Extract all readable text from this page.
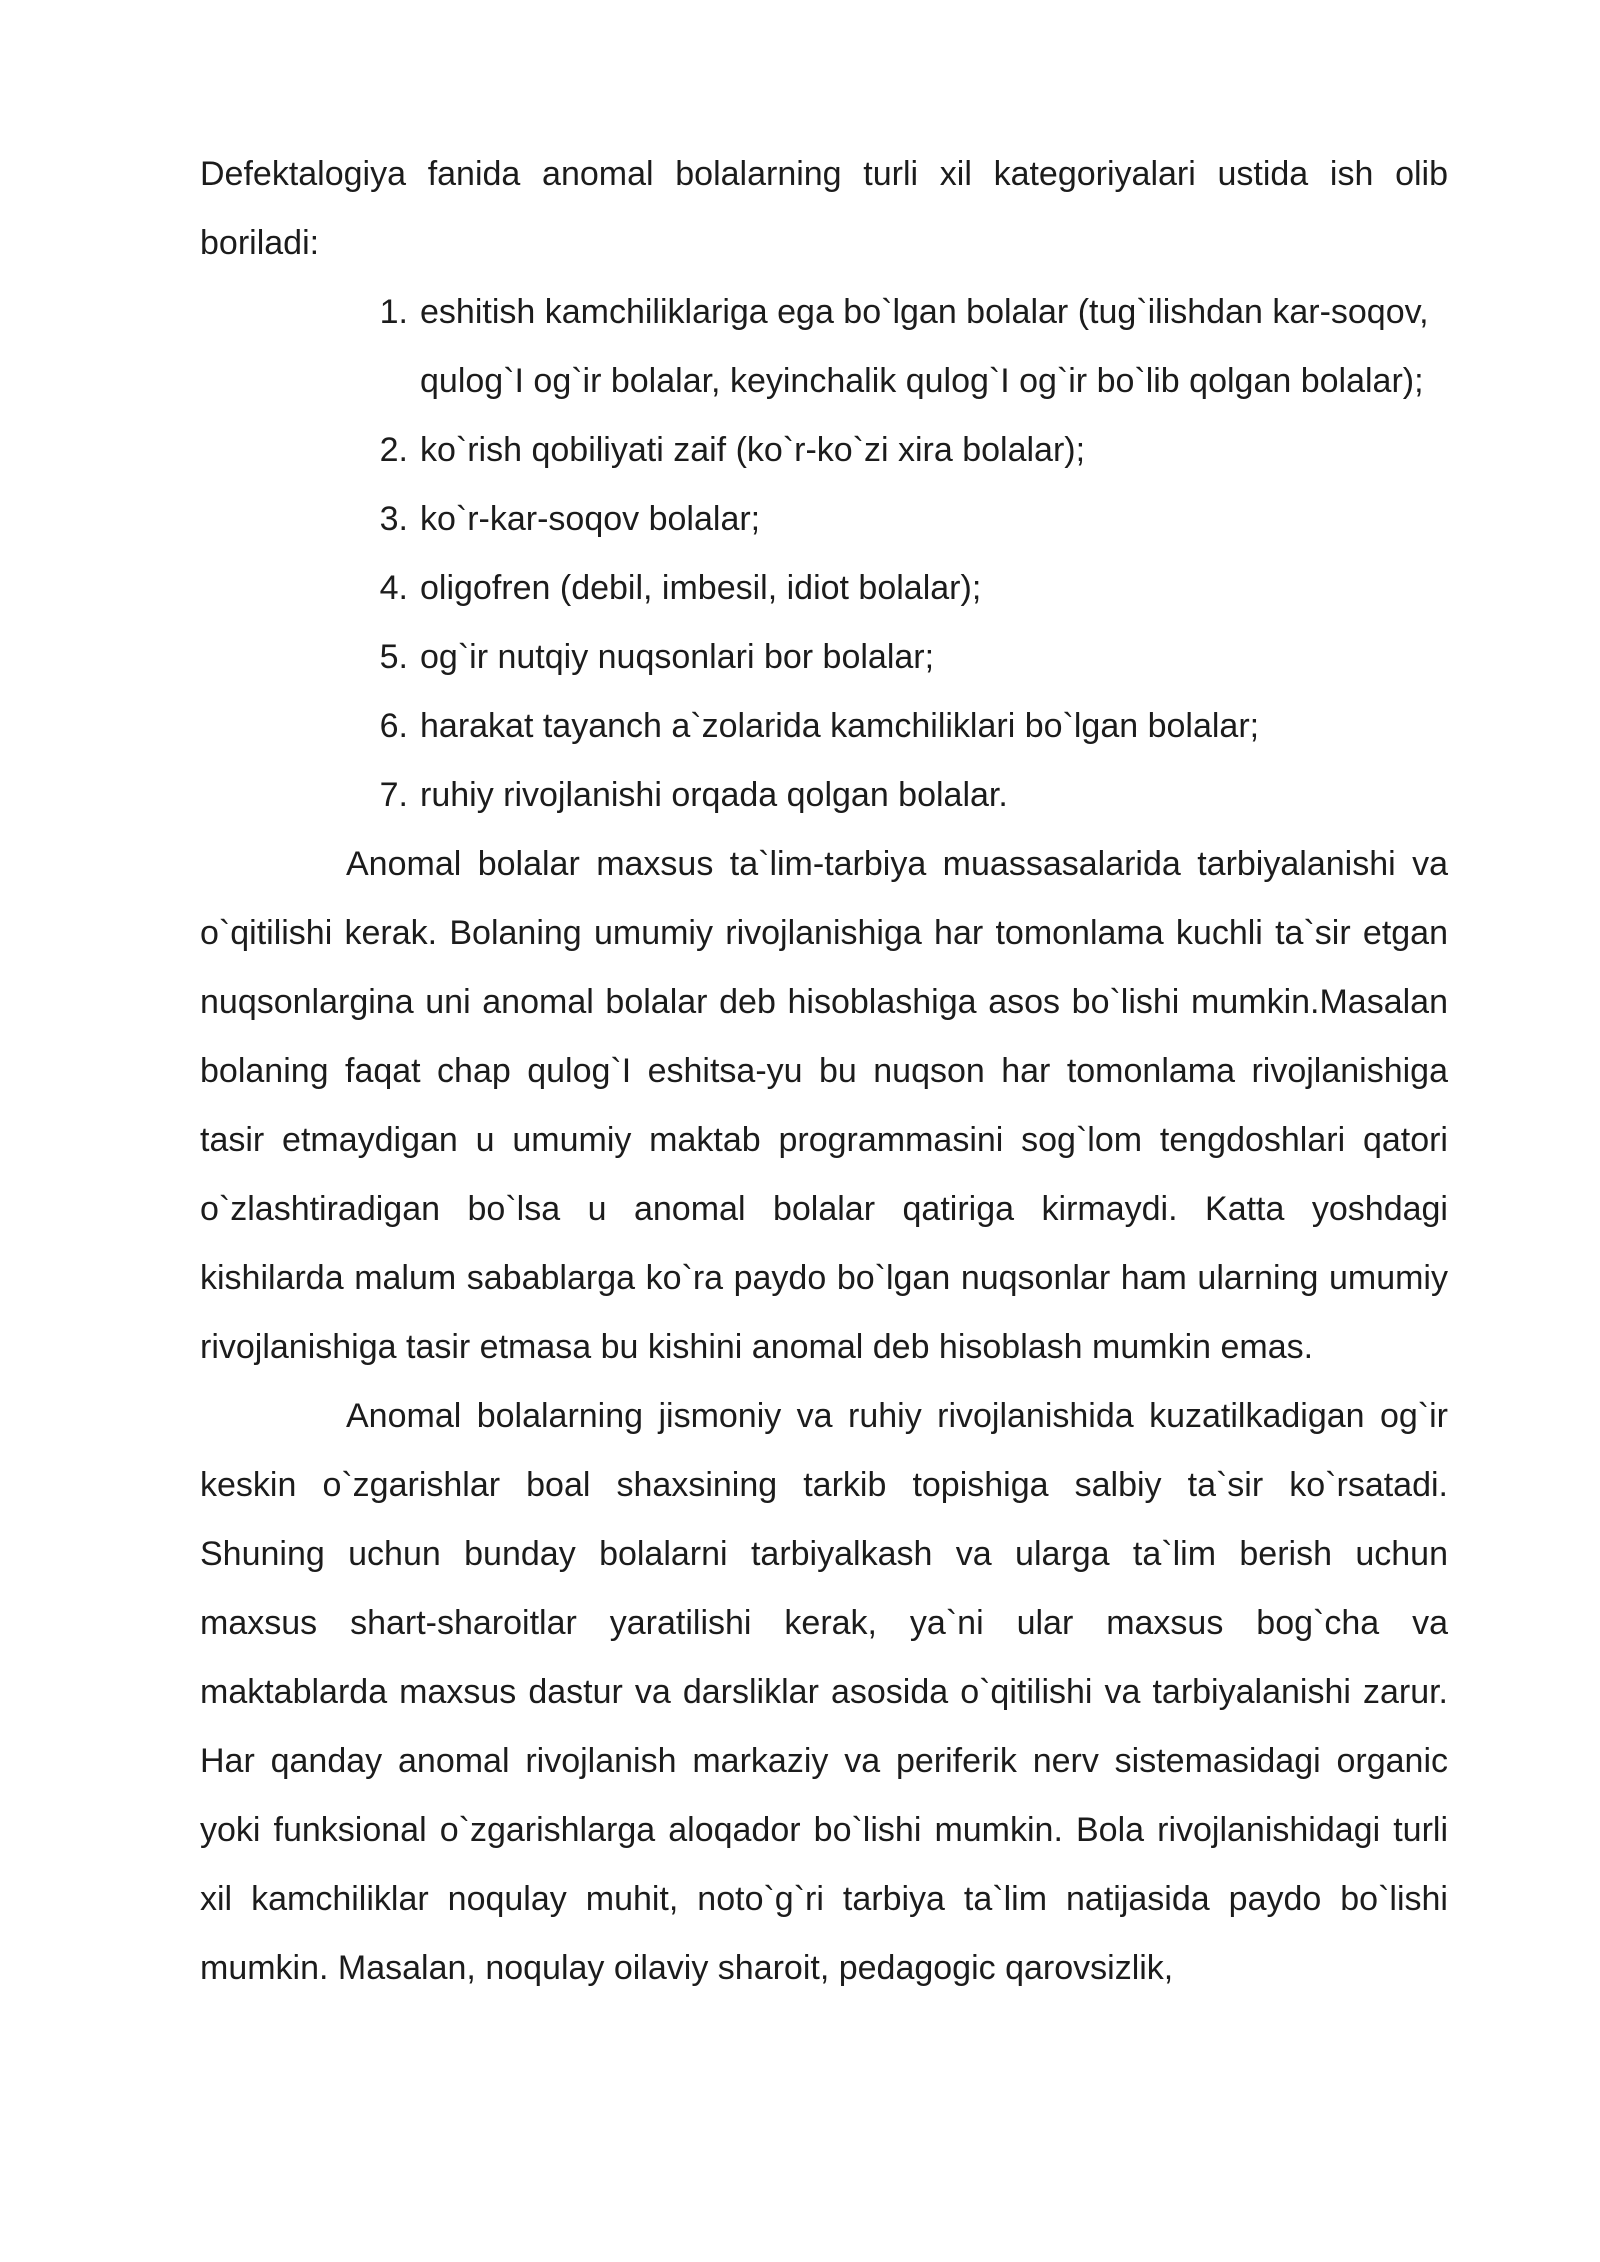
Defektalogiya fanida anomal bolalarning turli xil kategoriyalari ustida ish olib boriladi:

1. eshitish kamchiliklariga ega bo`lgan bolalar (tug`ilishdan kar-soqov, qulog`I og`ir bolalar, keyinchalik qulog`I og`ir bo`lib qolgan bolalar);
2. ko`rish qobiliyati zaif (ko`r-ko`zi xira bolalar);
3. ko`r-kar-soqov bolalar;
4. oligofren (debil, imbesil, idiot bolalar);
5. og`ir nutqiy nuqsonlari bor bolalar;
6. harakat tayanch a`zolarida kamchiliklari bo`lgan bolalar;
7. ruhiy rivojlanishi orqada qolgan bolalar.

Anomal bolalar maxsus ta`lim-tarbiya muassasalarida tarbiyalanishi va o`qitilishi kerak. Bolaning umumiy rivojlanishiga har tomonlama kuchli ta`sir etgan nuqsonlargina uni anomal bolalar deb hisoblashiga asos bo`lishi mumkin.Masalan bolaning faqat chap qulog`I eshitsa-yu bu nuqson har tomonlama rivojlanishiga tasir etmaydigan u umumiy maktab programmasini sog`lom tengdoshlari qatori o`zlashtiradigan bo`lsa u anomal bolalar qatiriga kirmaydi. Katta yoshdagi kishilarda malum sabablarga ko`ra paydo bo`lgan nuqsonlar ham ularning umumiy rivojlanishiga tasir etmasa bu kishini anomal deb hisoblash mumkin emas.

Anomal bolalarning jismoniy va ruhiy rivojlanishida kuzatilkadigan og`ir keskin o`zgarishlar boal shaxsining tarkib topishiga salbiy ta`sir ko`rsatadi. Shuning uchun bunday bolalarni tarbiyalkash va ularga ta`lim berish uchun maxsus shart-sharoitlar yaratilishi kerak, ya`ni ular maxsus bog`cha va maktablarda maxsus dastur va darsliklar asosida o`qitilishi va tarbiyalanishi zarur. Har qanday anomal rivojlanish markaziy va periferik nerv sistemasidagi organic yoki funksional o`zgarishlarga aloqador bo`lishi mumkin. Bola rivojlanishidagi turli xil kamchiliklar noqulay muhit, noto`g`ri tarbiya ta`lim natijasida paydo bo`lishi mumkin. Masalan, noqulay oilaviy sharoit, pedagogic qarovsizlik,
